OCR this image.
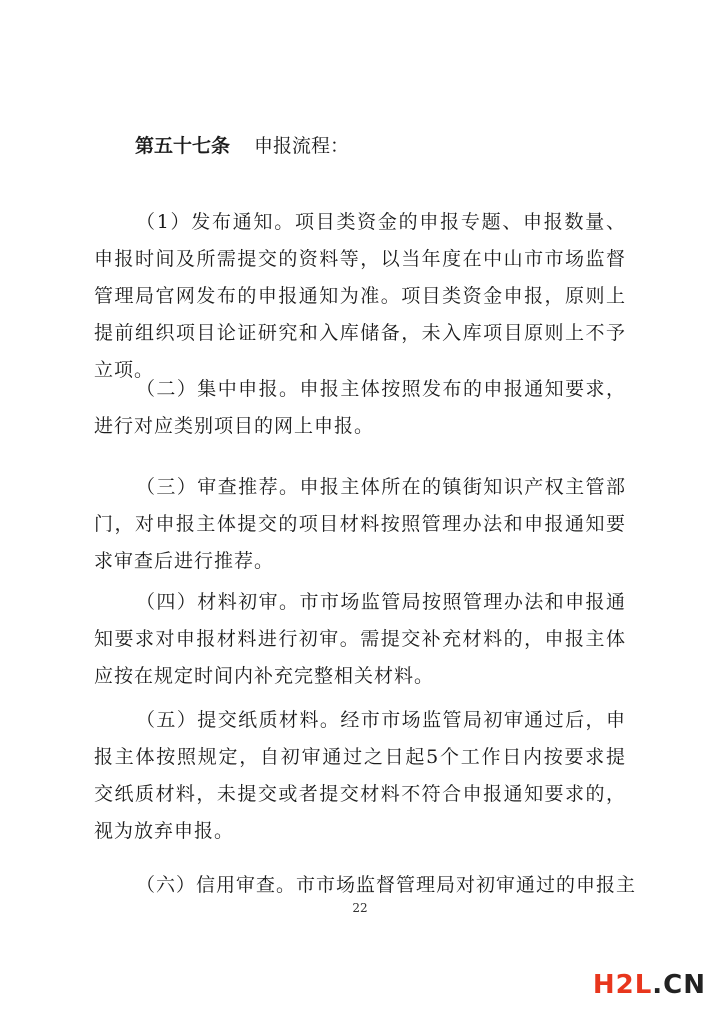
第五十七条 申报流程：

（1）发布通知。项目类资金的申报专题、申报数量、申报时间及所需提交的资料等，以当年度在中山市市场监督管理局官网发布的申报通知为准。项目类资金申报，原则上提前组织项目论证研究和入库储备，未入库项目原则上不予立项。

（二）集中申报。申报主体按照发布的申报通知要求，进行对应类别项目的网上申报。

（三）审查推荐。申报主体所在的镇街知识产权主管部门，对申报主体提交的项目材料按照管理办法和申报通知要求审查后进行推荐。

（四）材料初审。市市场监管局按照管理办法和申报通知要求对申报材料进行初审。需提交补充材料的，申报主体应按在规定时间内补充完整相关材料。

（五）提交纸质材料。经市市场监管局初审通过后，申报主体按照规定，自初审通过之日起5个工作日内按要求提交纸质材料，未提交或者提交材料不符合申报通知要求的，视为放弃申报。

（六）信用审查。市市场监督管理局对初审通过的申报主

22
H2L.CN
